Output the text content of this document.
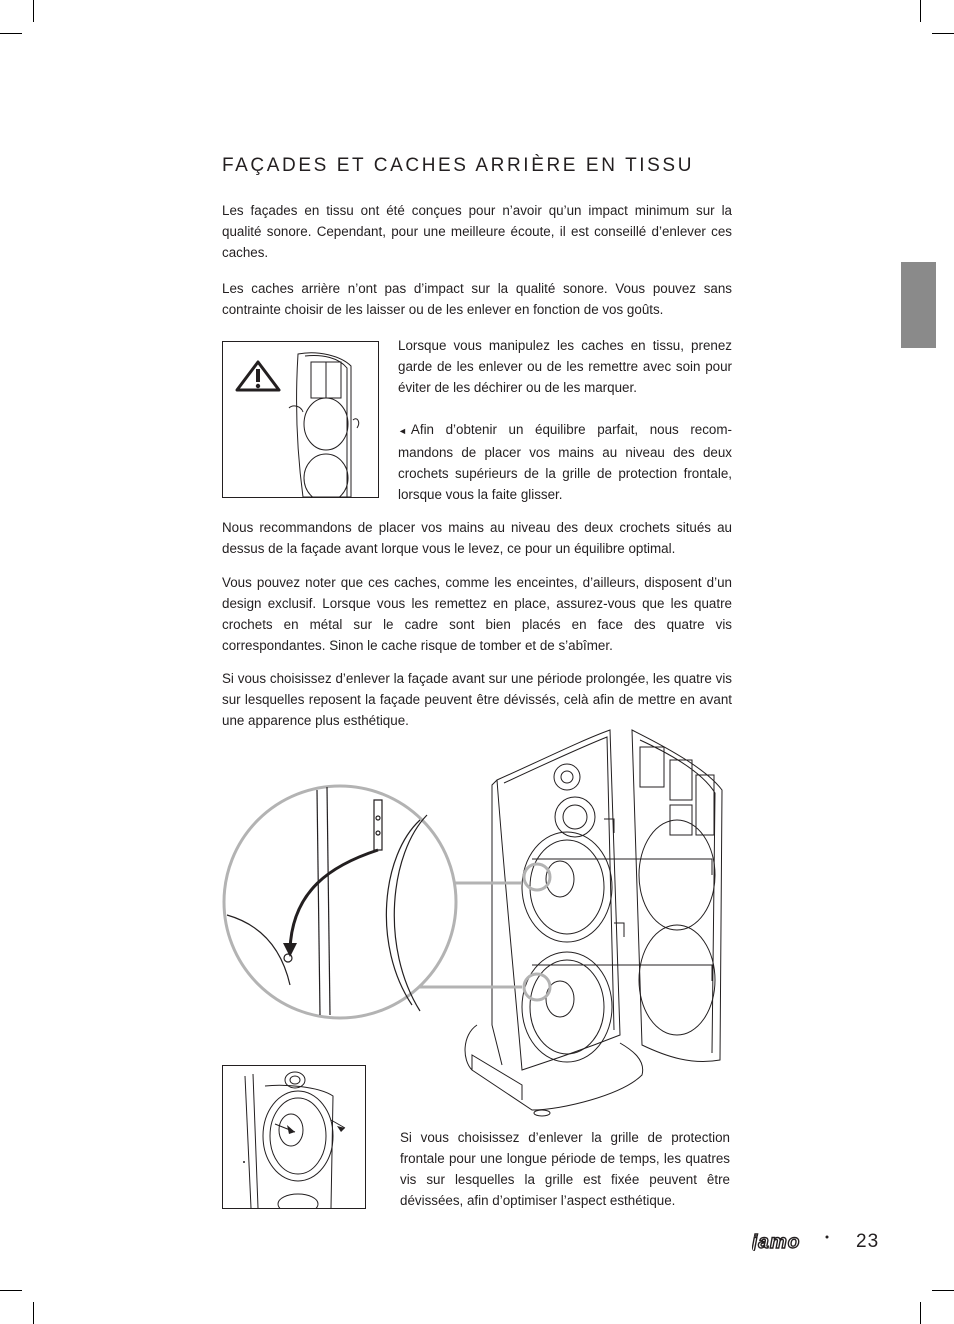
FAÇADES ET CACHES ARRIÈRE EN TISSU

Les façades en tissu ont été conçues pour n’avoir qu’un impact minimum sur la qualité sonore. Cependant, pour une meilleure écoute, il est conseillé d’enlever ces caches.

Les caches arrière n’ont pas d’impact sur la qualité sonore. Vous pouvez sans contrainte choisir de les laisser ou de les enlever en fonction de vos goûts.

Lorsque vous manipulez les caches en tissu, prenez garde de les enlever ou de les remettre avec soin pour éviter de les déchirer ou de les marquer.

◄ Afin d’obtenir un équilibre parfait, nous recom- mandons de placer vos mains au niveau des deux crochets supérieurs de la grille de protection frontale, lorsque vous la faite glisser.

Nous recommandons de placer vos mains au niveau des deux crochets situés au dessus de la façade avant lorque vous le levez, ce pour un équilibre optimal.

Vous pouvez noter que ces caches, comme les enceintes, d’ailleurs, disposent d’un design exclusif. Lorsque vous les remettez en place, assurez-vous que les quatre crochets en métal sur le cadre sont bien placés en face des quatre vis correspondantes. Sinon le cache risque de tomber et de s’abîmer.

Si vous choisissez d’enlever la façade avant sur une période prolongée, les quatre vis sur lesquelles reposent la façade peuvent être dévissés, celà afin de mettre en avant une apparence plus esthétique.

Si vous choisissez d’enlever la grille de protection frontale pour une longue période de temps, les quatres vis sur lesquelles la grille est fixée peuvent être dévissées, afin d’optimiser l’aspect esthétique.

jamo	23
